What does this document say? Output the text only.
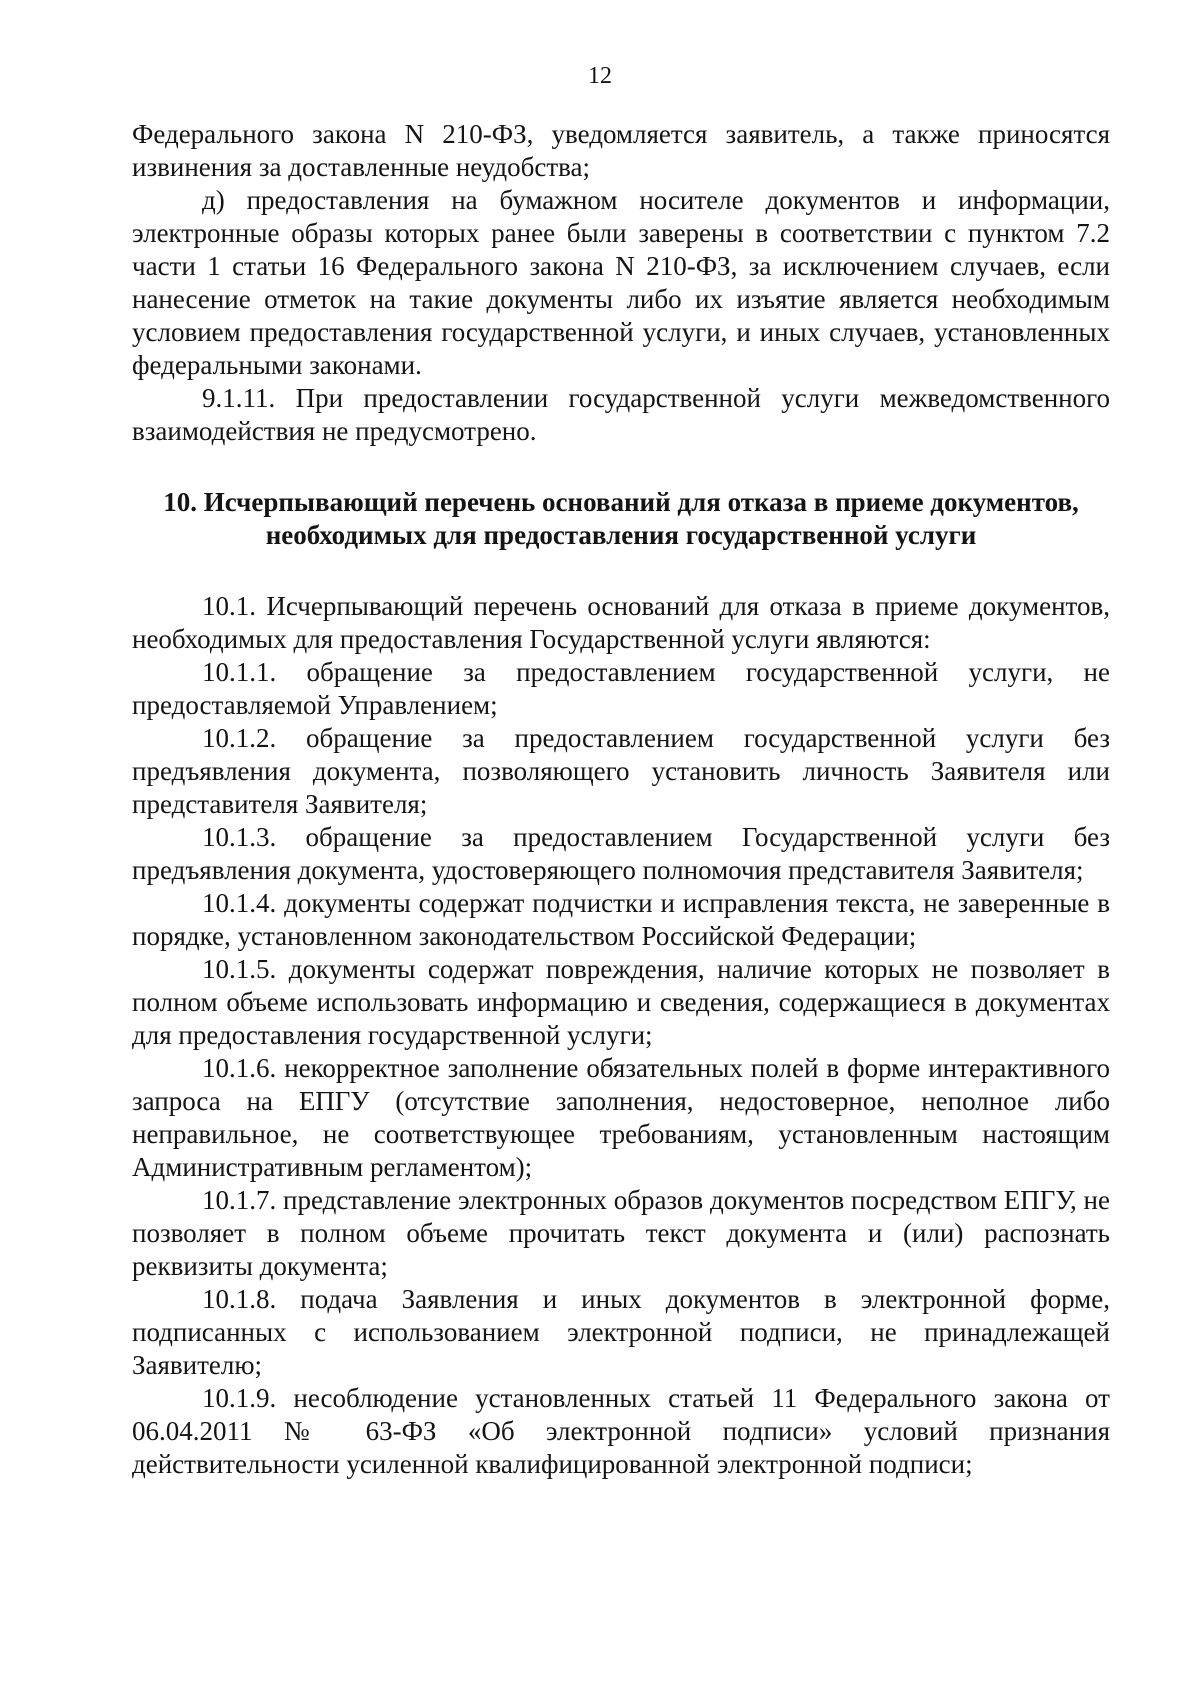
12

Федерального закона N 210-ФЗ, уведомляется заявитель, а также приносятся извинения за доставленные неудобства;

д) предоставления на бумажном носителе документов и информации, электронные образы которых ранее были заверены в соответствии с пунктом 7.2 части 1 статьи 16 Федерального закона N 210-ФЗ, за исключением случаев, если нанесение отметок на такие документы либо их изъятие является необходимым условием предоставления государственной услуги, и иных случаев, установленных федеральными законами.

9.1.11. При предоставлении государственной услуги межведомственного взаимодействия не предусмотрено.

10. Исчерпывающий перечень оснований для отказа в приеме документов,
необходимых для предоставления государственной услуги

10.1. Исчерпывающий перечень оснований для отказа в приеме документов, необходимых для предоставления Государственной услуги являются:

10.1.1. обращение за предоставлением государственной услуги, не предоставляемой Управлением;

10.1.2. обращение за предоставлением государственной услуги без предъявления документа, позволяющего установить личность Заявителя или представителя Заявителя;

10.1.3. обращение за предоставлением Государственной услуги без предъявления документа, удостоверяющего полномочия представителя Заявителя;

10.1.4. документы содержат подчистки и исправления текста, не заверенные в порядке, установленном законодательством Российской Федерации;

10.1.5. документы содержат повреждения, наличие которых не позволяет в полном объеме использовать информацию и сведения, содержащиеся в документах для предоставления государственной услуги;

10.1.6. некорректное заполнение обязательных полей в форме интерактивного запроса на ЕПГУ (отсутствие заполнения, недостоверное, неполное либо неправильное, не соответствующее требованиям, установленным настоящим Административным регламентом);

10.1.7. представление электронных образов документов посредством ЕПГУ, не позволяет в полном объеме прочитать текст документа и (или) распознать реквизиты документа;

10.1.8. подача Заявления и иных документов в электронной форме, подписанных с использованием электронной подписи, не принадлежащей Заявителю;

10.1.9. несоблюдение установленных статьей 11 Федерального закона от 06.04.2011 № 63-ФЗ «Об электронной подписи» условий признания действительности усиленной квалифицированной электронной подписи;
